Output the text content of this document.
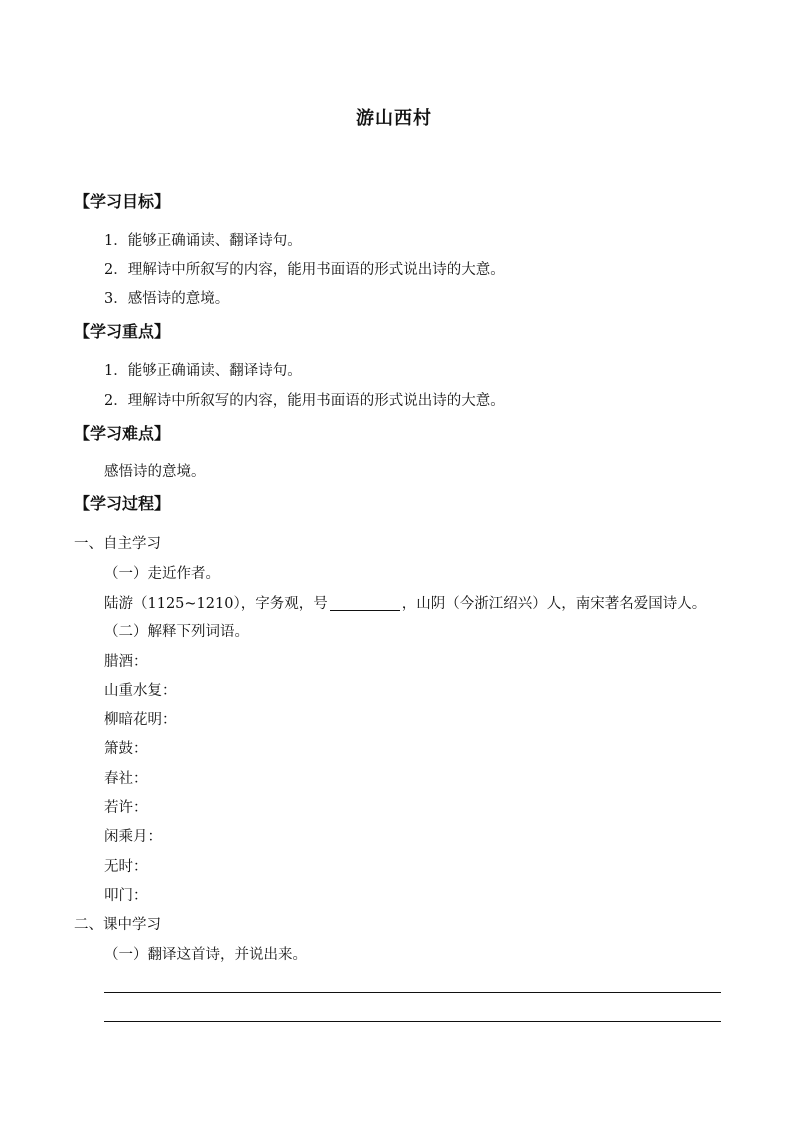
游山西村
【学习目标】
1．能够正确诵读、翻译诗句。
2．理解诗中所叙写的内容，能用书面语的形式说出诗的大意。
3．感悟诗的意境。
【学习重点】
1．能够正确诵读、翻译诗句。
2．理解诗中所叙写的内容，能用书面语的形式说出诗的大意。
【学习难点】
感悟诗的意境。
【学习过程】
一、自主学习
（一）走近作者。
陆游（1125~1210），字务观，号	，山阴（今浙江绍兴）人，南宋著名爱国诗人。
（二）解释下列词语。
腊酒：
山重水复：
柳暗花明：
箫鼓：
春社：
若许：
闲乘月：
无时：
叩门：
二、课中学习
（一）翻译这首诗，并说出来。
